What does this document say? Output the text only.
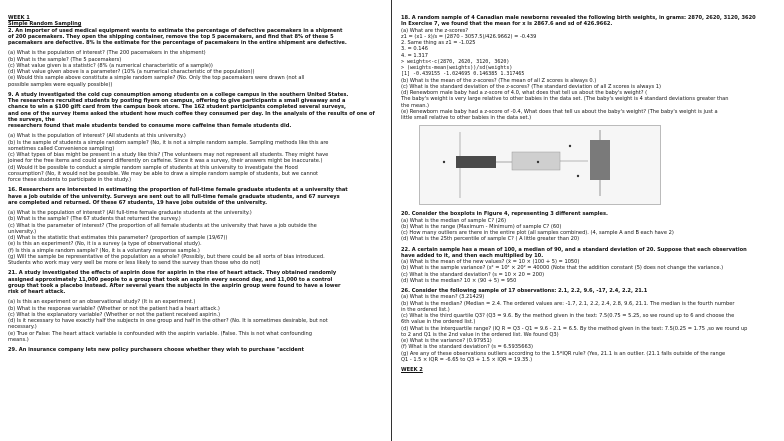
WEEK 1

Simple Random Sampling

2. An importer of used medical equipment wants to estimate the percentage of defective pacemakers in a shipment

of 200 pacemakers. They open the shipping container, remove the top 5 pacemakers, and find that 8% of these 5

pacemakers are defective. 8% is the estimate for the percentage of pacemakers in the entire shipment are defective.

(a) What is the population of interest? (The 200 pacemakers in the shipment)

(b) What is the sample? (The 5 pacemakers)

(c) What value given is a statistic? (8% (a numerical characteristic of a sample))

(d) What value given above is a parameter? (10% (a numerical characteristic of the population))

(e) Would this sample above constitute a simple random sample? (No. Only the top pacemakers were drawn (not all

possible samples were equally possible))

9. A study investigated the cold cup consumption among students on a college campus in the southern United States.

The researchers recruited students by posting flyers on campus, offering to give participants a small giveaway and a

chance to win a $100 gift card from the campus book store. The 162 student participants completed several surveys,

and one of the survey items asked the student how much coffee they consumed per day. In the analysis of the results of one of the surveys, the

researchers found that male students tended to consume more caffeine than female students did.

(a) What is the population of interest? (All students at this university.)

(b) Is the sample of students a simple random sample? (No, it is not a simple random sample. Sampling methods like this are

sometimes called Convenience sampling)

(c) What types of bias might be present in a study like this? (The volunteers may not represent all students. They might have

joined for the free items and could spend differently on caffeine. Since it was a survey, their answers might be inaccurate.)

(d) Would it be possible to conduct a simple random sample of students at this university to investigate the Hood

consumption? (No, it would not be possible. We may be able to draw a simple random sample of students, but we cannot

force these students to participate in the study.)

16. Researchers are interested in estimating the proportion of full-time female graduate students at a university that

have a job outside of the university. Surveys are sent out to all full-time female graduate students, and 67 surveys

are completed and returned. Of these 67 students, 19 have jobs outside of the university.

(a) What is the population of interest? (All full-time female graduate students at the university.)

(b) What is the sample? (The 67 students that returned the survey.)

(c) What is the parameter of interest? (The proportion of all female students at the university that have a job outside the

university.)

(d) What is the statistic that estimates this parameter? (proportion of sample (19/67))

(e) Is this an experiment? (No, it is a survey (a type of observational study).

(f) Is this a simple random sample? (No, it is a voluntary response sample.)

(g) Will the sample be representative of the population as a whole? (Possibly, but there could be all sorts of bias introduced.

Students who work may very well be more or less likely to send the survey than those who do not)

21. A study investigated the effects of aspirin dose for aspirin in the rise of heart attack. They obtained randomly

assigned approximately 11,000 people to a group that took an aspirin every second day, and 11,000 to a control

group that took a placebo instead. After several years the subjects in the aspirin group were found to have a lower

risk of heart attack.

(a) Is this an experiment or an observational study? (It is an experiment.)

(b) What is the response variable? (Whether or not the patient had a heart attack.)

(c) What is the explanatory variable? (Whether or not the patient received aspirin.)

(d) Is it necessary to have exactly half the subjects in one group and half in the other? (No. It is sometimes desirable, but not

necessary.)

(e) True or False: The heart attack variable is confounded with the aspirin variable. (False. This is not what confounding

means.)

29. An insurance company lets new policy purchasers choose whether they wish to purchase "accident

18. A random sample of 4 Canadian male newborns revealed the following birth weights, in grams: 2870, 2620, 3120, 3620

In Exercise 7, we found that the mean for x is 2867.6 and sd of 426.9662.

(a) What are the z-scores?

z1 = (x1 - x̄)/s = (2870 - 3057.5)/426.9662) = -0.439

2. Same thing as z1 = -1.025

3. = 0.146

4. = 1.317

> weights<-c(2870, 2620, 3120, 3620)

> (weights-mean(weights))/sd(weights)

[1] -0.439155 -1.024695 0.146385 1.317465

(b) What is the mean of the z-scores? (The mean of all Z scores is always 0.)

(c) What is the standard deviation of the z-scores? (The standard deviation of all Z scores is always 1)

(d) Renewborn male baby had a z-score of 4.0, what does that tell us about the baby's weight? (

The baby's weight is very large relative to other babies in the data set. (The baby's weight is 4 standard deviations greater than

the mean.)

(e) Renewborn male baby had a z-score of -0.4, What does that tell us about the baby's weight? (The baby's weight is just a

little small relative to other babies in the data set.)

20. Consider the boxplots in Figure 4, representing 3 different samples.

(a) What is the median of sample C? (26)

(b) What is the range (Maximum - Minimum) of sample C? (60)

(c) How many outliers are there in the entire plot (all samples combined). (4, sample A and B each have 2)

(d) What is the 25th percentile of sample C? ( A little greater than 20)

22. A certain sample has a mean of 100, a median of 90, and a standard deviation of 20. Suppose that each observation

have added to it, and then each multiplied by 10.

(a) What is the mean of the new values? (x̄ = 10 × (100 + 5) = 1050)

(b) What is the sample variance? (s² = 10² × 20² = 40000 (Note that the addition constant (5) does not change the variance.)

(c) What is the standard deviation? (s = 10 × 20 = 200)

(d) What is the median? 10 × (90 + 5) = 950

26. Consider the following sample of 17 observations: 2.1, 2.2, 9.6, -17, 2.4, 2.2, 21.1

(a) What is the mean? (3.21429)

(b) What is the median? (Median = 2.4. The ordered values are: -1.7, 2.1, 2.2, 2.4, 2.8, 9.6, 21.1. The median is the fourth number

in the ordered list.)

(c) What is the third quartile Q3? (Q3 = 9.6. By the method given in the text: 7.5(0.75 = 5.25, so we round up to 6 and choose the

6th value in the ordered list.)

(d) What is the interquartile range? (IQ R = Q3 - Q1 = 9.6 - 2.1 = 6.5. By the method given in the text: 7.5(0.25 = 1.75 ,so we round up

to 2 and Q1 is the 2nd value in the ordered list. We found Q3)

(e) What is the variance? (0.97951)

(f) What is the standard deviation? (s = 6.5935663)

(g) Are any of these observations outliers according to the 1.5*IQR rule? (Yes, 21.1 is an outlier. (21.1 falls outside of the range

Q1 - 1.5 × IQR = -6.65 to Q3 + 1.5 × IQR = 19.35.)

WEEK 2
